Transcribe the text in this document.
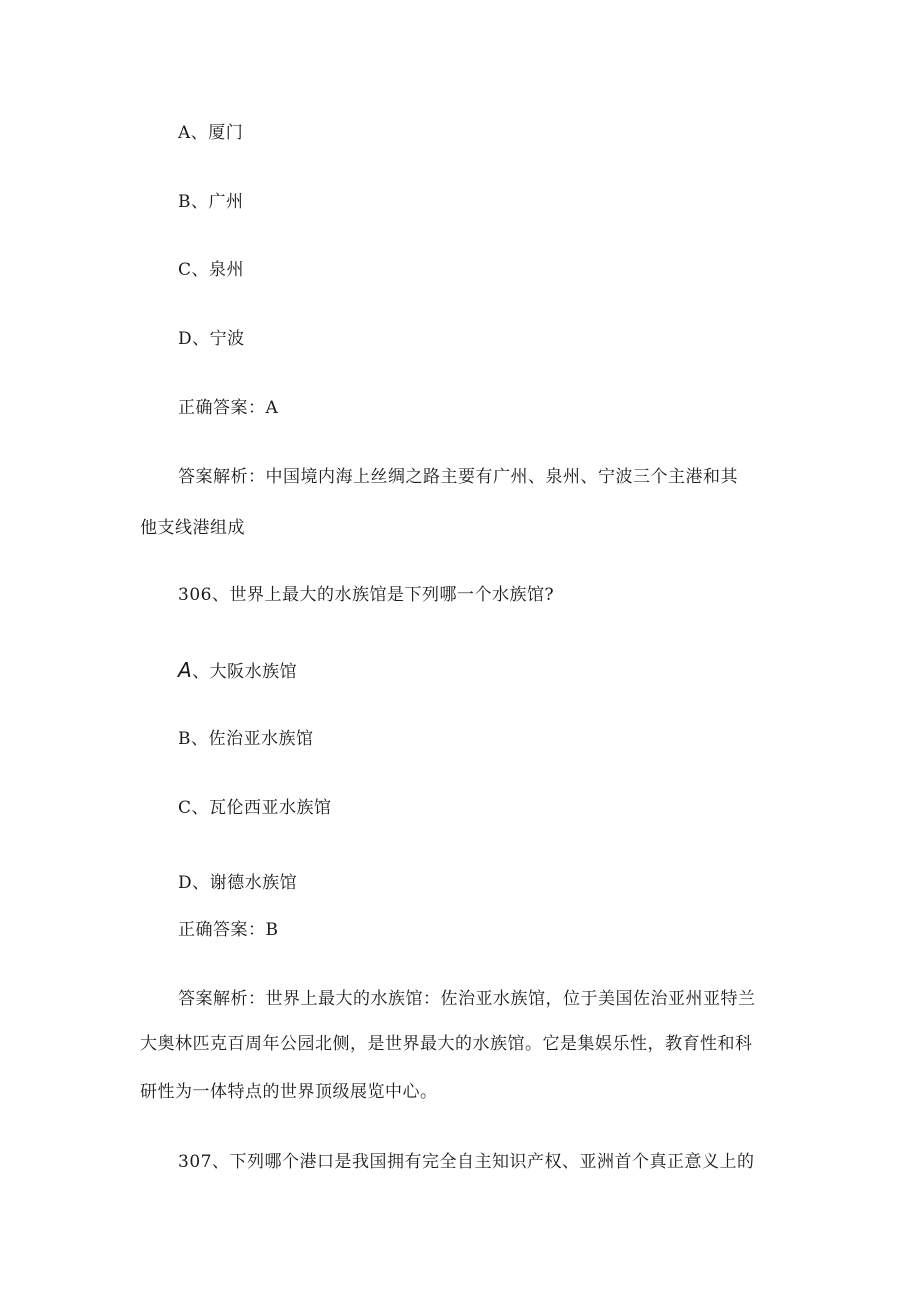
A、厦门
B、广州
C、泉州
D、宁波
正确答案：A
答案解析：中国境内海上丝绸之路主要有广州、泉州、宁波三个主港和其
他支线港组成
306、世界上最大的水族馆是下列哪一个水族馆?
A、大阪水族馆
B、佐治亚水族馆
C、瓦伦西亚水族馆
D、谢德水族馆
正确答案：B
答案解析：世界上最大的水族馆：佐治亚水族馆，位于美国佐治亚州亚特兰
大奥林匹克百周年公园北侧，是世界最大的水族馆。它是集娱乐性，教育性和科
研性为一体特点的世界顶级展览中心。
307、下列哪个港口是我国拥有完全自主知识产权、亚洲首个真正意义上的
